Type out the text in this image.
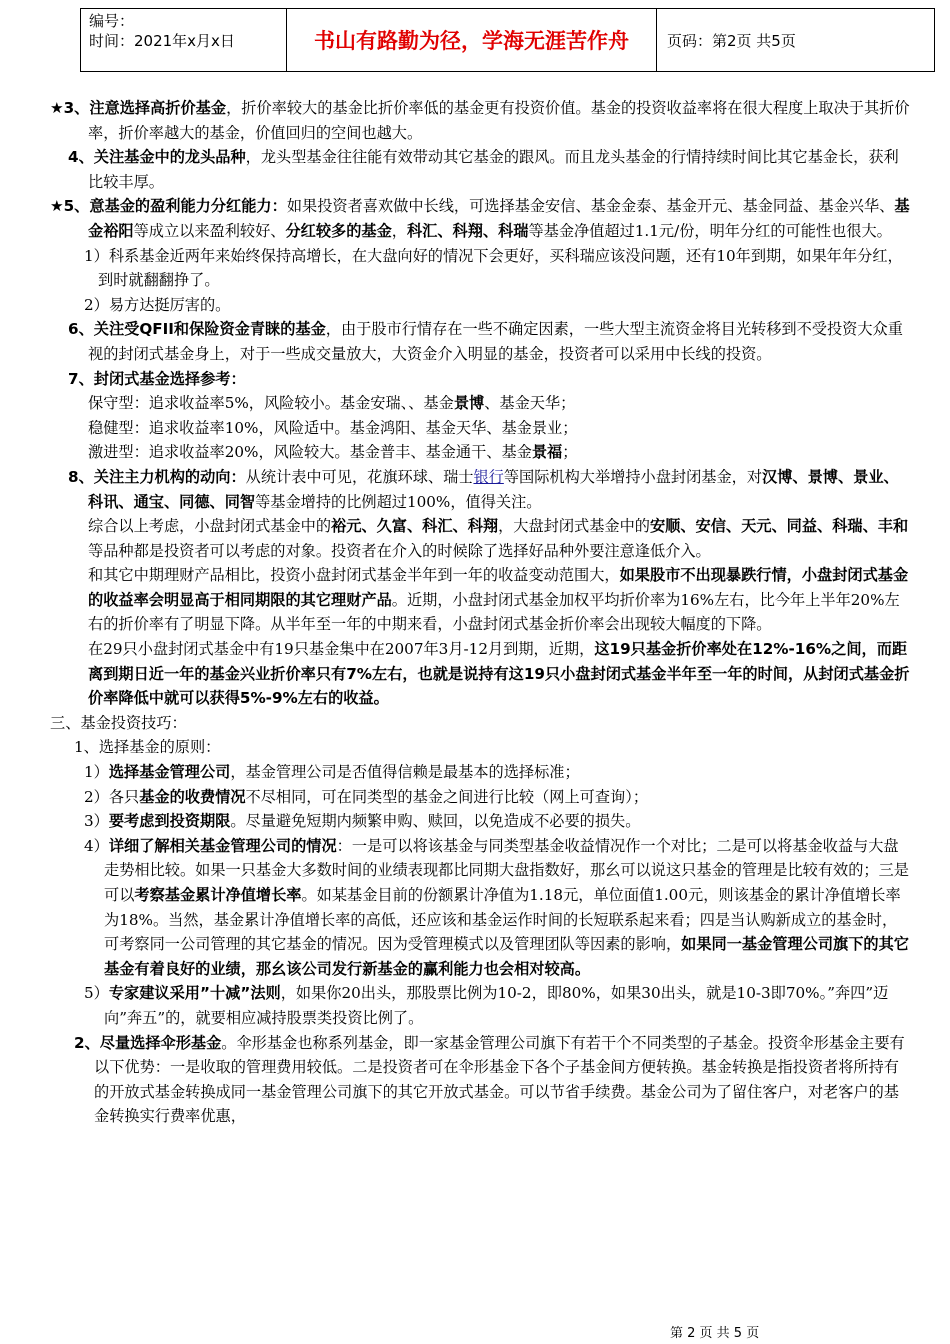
编号：
时间：2021年x月x日	书山有路勤为径，学海无涯苦作舟	页码：第2页 共5页

★3、注意选择高折价基金，折价率较大的基金比折价率低的基金更有投资价值。基金的投资收益率将在很大程度上取决于其折价率，折价率越大的基金，价值回归的空间也越大。

4、关注基金中的龙头品种，龙头型基金往往能有效带动其它基金的跟风。而且龙头基金的行情持续时间比其它基金长，获利比较丰厚。

★5、意基金的盈利能力分红能力：如果投资者喜欢做中长线，可选择基金安信、基金金泰、基金开元、基金同益、基金兴华、基金裕阳等成立以来盈利较好、分红较多的基金，科汇、科翔、科瑞等基金净值超过1.1元/份，明年分红的可能性也很大。

1）科系基金近两年来始终保持高增长，在大盘向好的情况下会更好，买科瑞应该没问题，还有10年到期，如果年年分红，到时就翻翻挣了。

2）易方达挺厉害的。

6、关注受QFII和保险资金青睐的基金，由于股市行情存在一些不确定因素，一些大型主流资金将目光转移到不受投资大众重视的封闭式基金身上，对于一些成交量放大，大资金介入明显的基金，投资者可以采用中长线的投资。

7、封闭式基金选择参考：

保守型：追求收益率5%，风险较小。基金安瑞、、基金景博、基金天华；

稳健型：追求收益率10%，风险适中。基金鸿阳、基金天华、基金景业；

激进型：追求收益率20%，风险较大。基金普丰、基金通干、基金景福；

8、关注主力机构的动向：从统计表中可见，花旗环球、瑞士银行等国际机构大举增持小盘封闭基金，对汉博、景博、景业、科讯、通宝、同德、同智等基金增持的比例超过100%，值得关注。

综合以上考虑，小盘封闭式基金中的裕元、久富、科汇、科翔，大盘封闭式基金中的安顺、安信、天元、同益、科瑞、丰和等品种都是投资者可以考虑的对象。投资者在介入的时候除了选择好品种外要注意逢低介入。

和其它中期理财产品相比，投资小盘封闭式基金半年到一年的收益变动范围大，如果股市不出现暴跌行情，小盘封闭式基金的收益率会明显高于相同期限的其它理财产品。近期，小盘封闭式基金加权平均折价率为16%左右，比今年上半年20%左右的折价率有了明显下降。从半年至一年的中期来看，小盘封闭式基金折价率会出现较大幅度的下降。

在29只小盘封闭式基金中有19只基金集中在2007年3月-12月到期，近期，这19只基金折价率处在12%-16%之间，而距离到期日近一年的基金兴业折价率只有7%左右，也就是说持有这19只小盘封闭式基金半年至一年的时间，从封闭式基金折价率降低中就可以获得5%-9%左右的收益。

三、基金投资技巧：

1、选择基金的原则：

1）选择基金管理公司，基金管理公司是否值得信赖是最基本的选择标准；

2）各只基金的收费情况不尽相同，可在同类型的基金之间进行比较（网上可查询）；

3）要考虑到投资期限。尽量避免短期内频繁申购、赎回，以免造成不必要的损失。

4）详细了解相关基金管理公司的情况：一是可以将该基金与同类型基金收益情况作一个对比；二是可以将基金收益与大盘走势相比较。如果一只基金大多数时间的业绩表现都比同期大盘指数好，那幺可以说这只基金的管理是比较有效的；三是可以考察基金累计净值增长率。如某基金目前的份额累计净值为1.18元，单位面值1.00元，则该基金的累计净值增长率为18%。当然，基金累计净值增长率的高低，还应该和基金运作时间的长短联系起来看；四是当认购新成立的基金时，可考察同一公司管理的其它基金的情况。因为受管理模式以及管理团队等因素的影响，如果同一基金管理公司旗下的其它基金有着良好的业绩，那幺该公司发行新基金的赢利能力也会相对较高。

5）专家建议采用”十减”法则，如果你20出头，那股票比例为10-2，即80%，如果30出头，就是10-3即70%。”奔四”迈向”奔五”的，就要相应减持股票类投资比例了。

2、尽量选择伞形基金。伞形基金也称系列基金，即一家基金管理公司旗下有若干个不同类型的子基金。投资伞形基金主要有以下优势：一是收取的管理费用较低。二是投资者可在伞形基金下各个子基金间方便转换。基金转换是指投资者将所持有的开放式基金转换成同一基金管理公司旗下的其它开放式基金。可以节省手续费。基金公司为了留住客户，对老客户的基金转换实行费率优惠，

第 2 页 共 5 页
